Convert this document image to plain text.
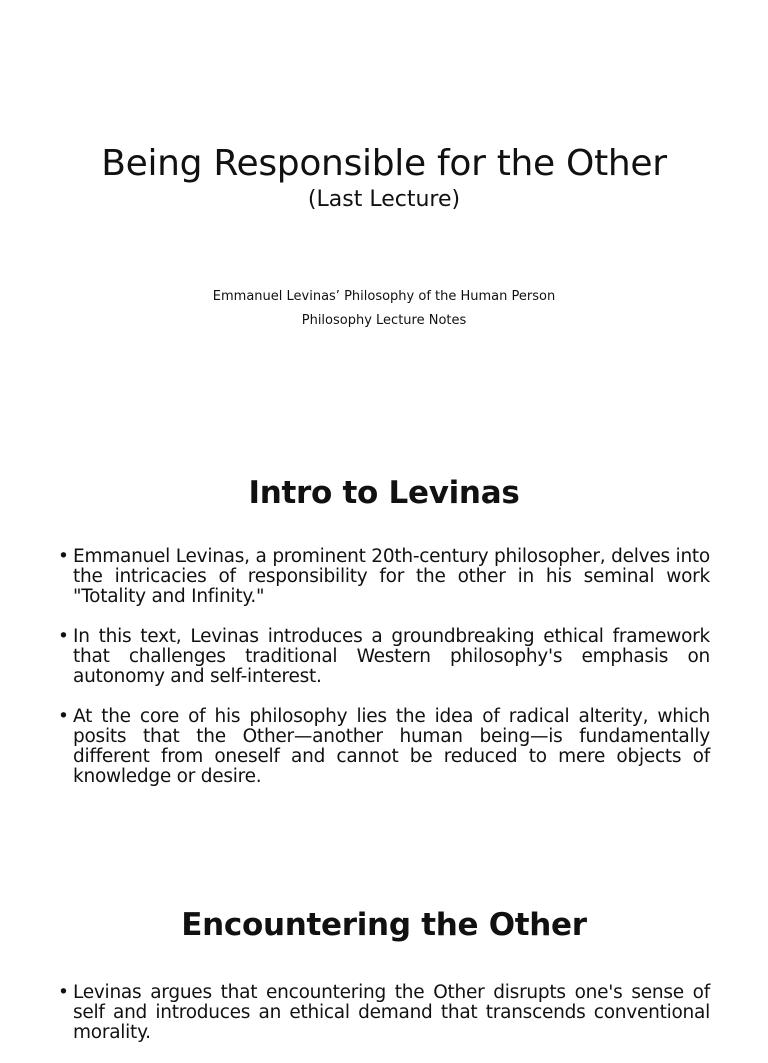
Being Responsible for the Other

(Last Lecture)

Emmanuel Levinas’ Philosophy of the Human Person

Philosophy Lecture Notes

Intro to Levinas
• Emmanuel Levinas, a prominent 20th-century philosopher, delves into the intricacies of responsibility for the other in his seminal work "Totality and Infinity."
• In this text, Levinas introduces a groundbreaking ethical framework that challenges traditional Western philosophy's emphasis on autonomy and self-interest.
• At the core of his philosophy lies the idea of radical alterity, which posits that the Other—another human being—is fundamentally different from oneself and cannot be reduced to mere objects of knowledge or desire.
Encountering the Other
• Levinas argues that encountering the Other disrupts one's sense of self and introduces an ethical demand that transcends conventional morality.
